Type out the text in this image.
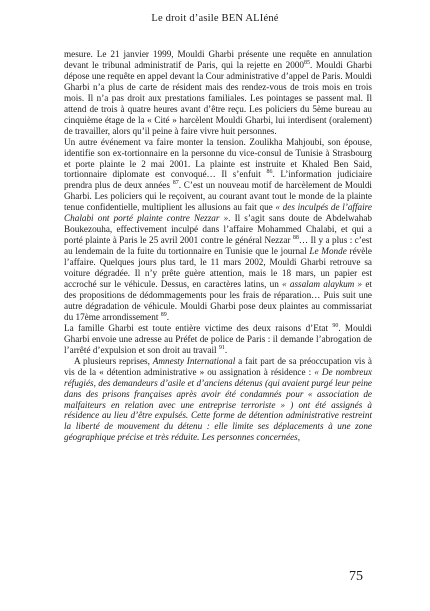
Le droit d’asile BEN ALIéné

mesure. Le 21 janvier 1999, Mouldi Gharbi présente une requête en annulation devant le tribunal administratif de Paris, qui la rejette en 2000$^{85}$. Mouldi Gharbi dépose une requête en appel devant la Cour administrative d’appel de Paris. Mouldi Gharbi n’a plus de carte de résident mais des rendez-vous de trois mois en trois mois. Il n’a pas droit aux prestations familiales. Les pointages se passent mal. Il attend de trois à quatre heures avant d’être reçu. Les policiers du 5ème bureau au cinquième étage de la « Cité » harcèlent Mouldi Gharbi, lui interdisent (oralement) de travailler, alors qu’il peine à faire vivre huit personnes.

Un autre événement va faire monter la tension. Zoulikha Mahjoubi, son épouse, identifie son ex-tortionnaire en la personne du vice-consul de Tunisie à Strasbourg et porte plainte le 2 mai 2001. La plainte est instruite et Khaled Ben Said, tortionnaire diplomate est convoqué… Il s’enfuit $^{86}$. L’information judiciaire prendra plus de deux années $^{87}$. C’est un nouveau motif de harcèlement de Mouldi Gharbi. Les policiers qui le reçoivent, au courant avant tout le monde de la plainte tenue confidentielle, multiplient les allusions au fait que « des inculpés de l’affaire Chalabi ont porté plainte contre Nezzar ». Il s’agit sans doute de Abdelwahab Boukezouha, effectivement inculpé dans l’affaire Mohammed Chalabi, et qui a porté plainte à Paris le 25 avril 2001 contre le général Nezzar $^{88}$… Il y a plus : c’est au lendemain de la fuite du tortionnaire en Tunisie que le journal Le Monde révèle l’affaire. Quelques jours plus tard, le 11 mars 2002, Mouldi Gharbi retrouve sa voiture dégradée. Il n’y prête guère attention, mais le 18 mars, un papier est accroché sur le véhicule. Dessus, en caractères latins, un « assalam alaykum » et des propositions de dédommagements pour les frais de réparation… Puis suit une autre dégradation de véhicule. Mouldi Gharbi pose deux plaintes au commissariat du 17ème arrondissement $^{89}$.

La famille Gharbi est toute entière victime des deux raisons d’Etat $^{90}$. Mouldi Gharbi envoie une adresse au Préfet de police de Paris : il demande l’abrogation de l’arrêté d’expulsion et son droit au travail $^{91}$.

A plusieurs reprises, Amnesty International a fait part de sa préoccupation vis à vis de la « détention administrative » ou assignation à résidence : « De nombreux réfugiés, des demandeurs d’asile et d’anciens détenus (qui avaient purgé leur peine dans des prisons françaises après avoir été condamnés pour « association de malfaiteurs en relation avec une entreprise terroriste » ) ont été assignés à résidence au lieu d’être expulsés. Cette forme de détention administrative restreint la liberté de mouvement du détenu : elle limite ses déplacements à une zone géographique précise et très réduite. Les personnes concernées,

75
